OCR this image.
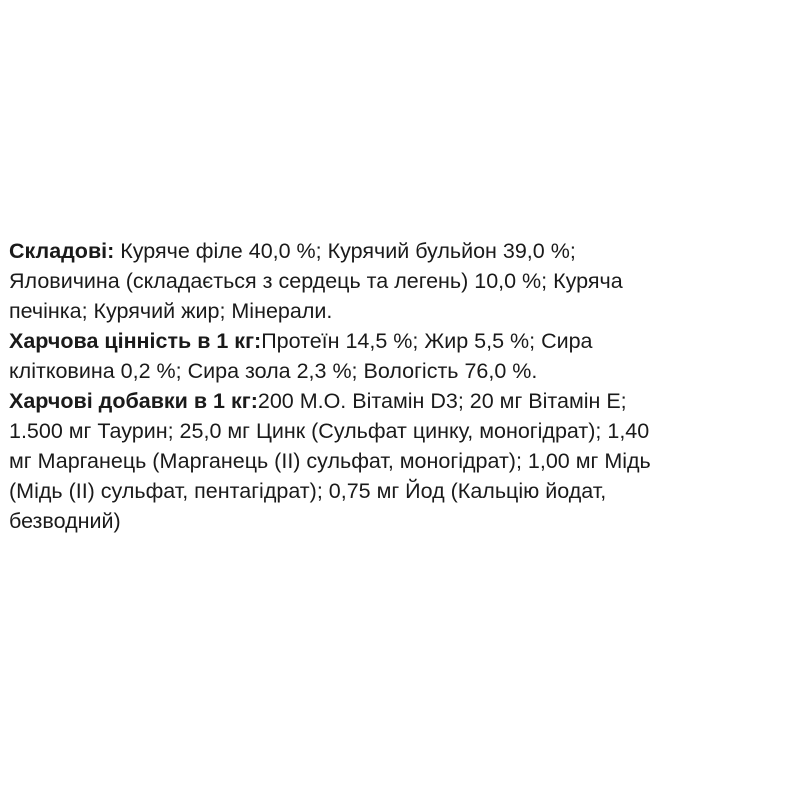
Складові: Куряче філе 40,0 %; Курячий бульйон 39,0 %;
Яловичина (складається з сердець та легень) 10,0 %; Куряча
печінка; Курячий жир; Мінерали.
Харчова цінність в 1 кг:Протеїн 14,5 %; Жир 5,5 %; Сира
клітковина 0,2 %; Сира зола 2,3 %; Вологість 76,0 %.
Харчові добавки в 1 кг:200 М.О. Вітамін D3; 20 мг Вітамін Е;
1.500 мг Таурин; 25,0 мг Цинк (Сульфат цинку, моногідрат); 1,40
мг Марганець (Марганець (II) сульфат, моногідрат); 1,00 мг Мідь
(Мідь (II) сульфат, пентагідрат); 0,75 мг Йод (Кальцію йодат,
безводний)
